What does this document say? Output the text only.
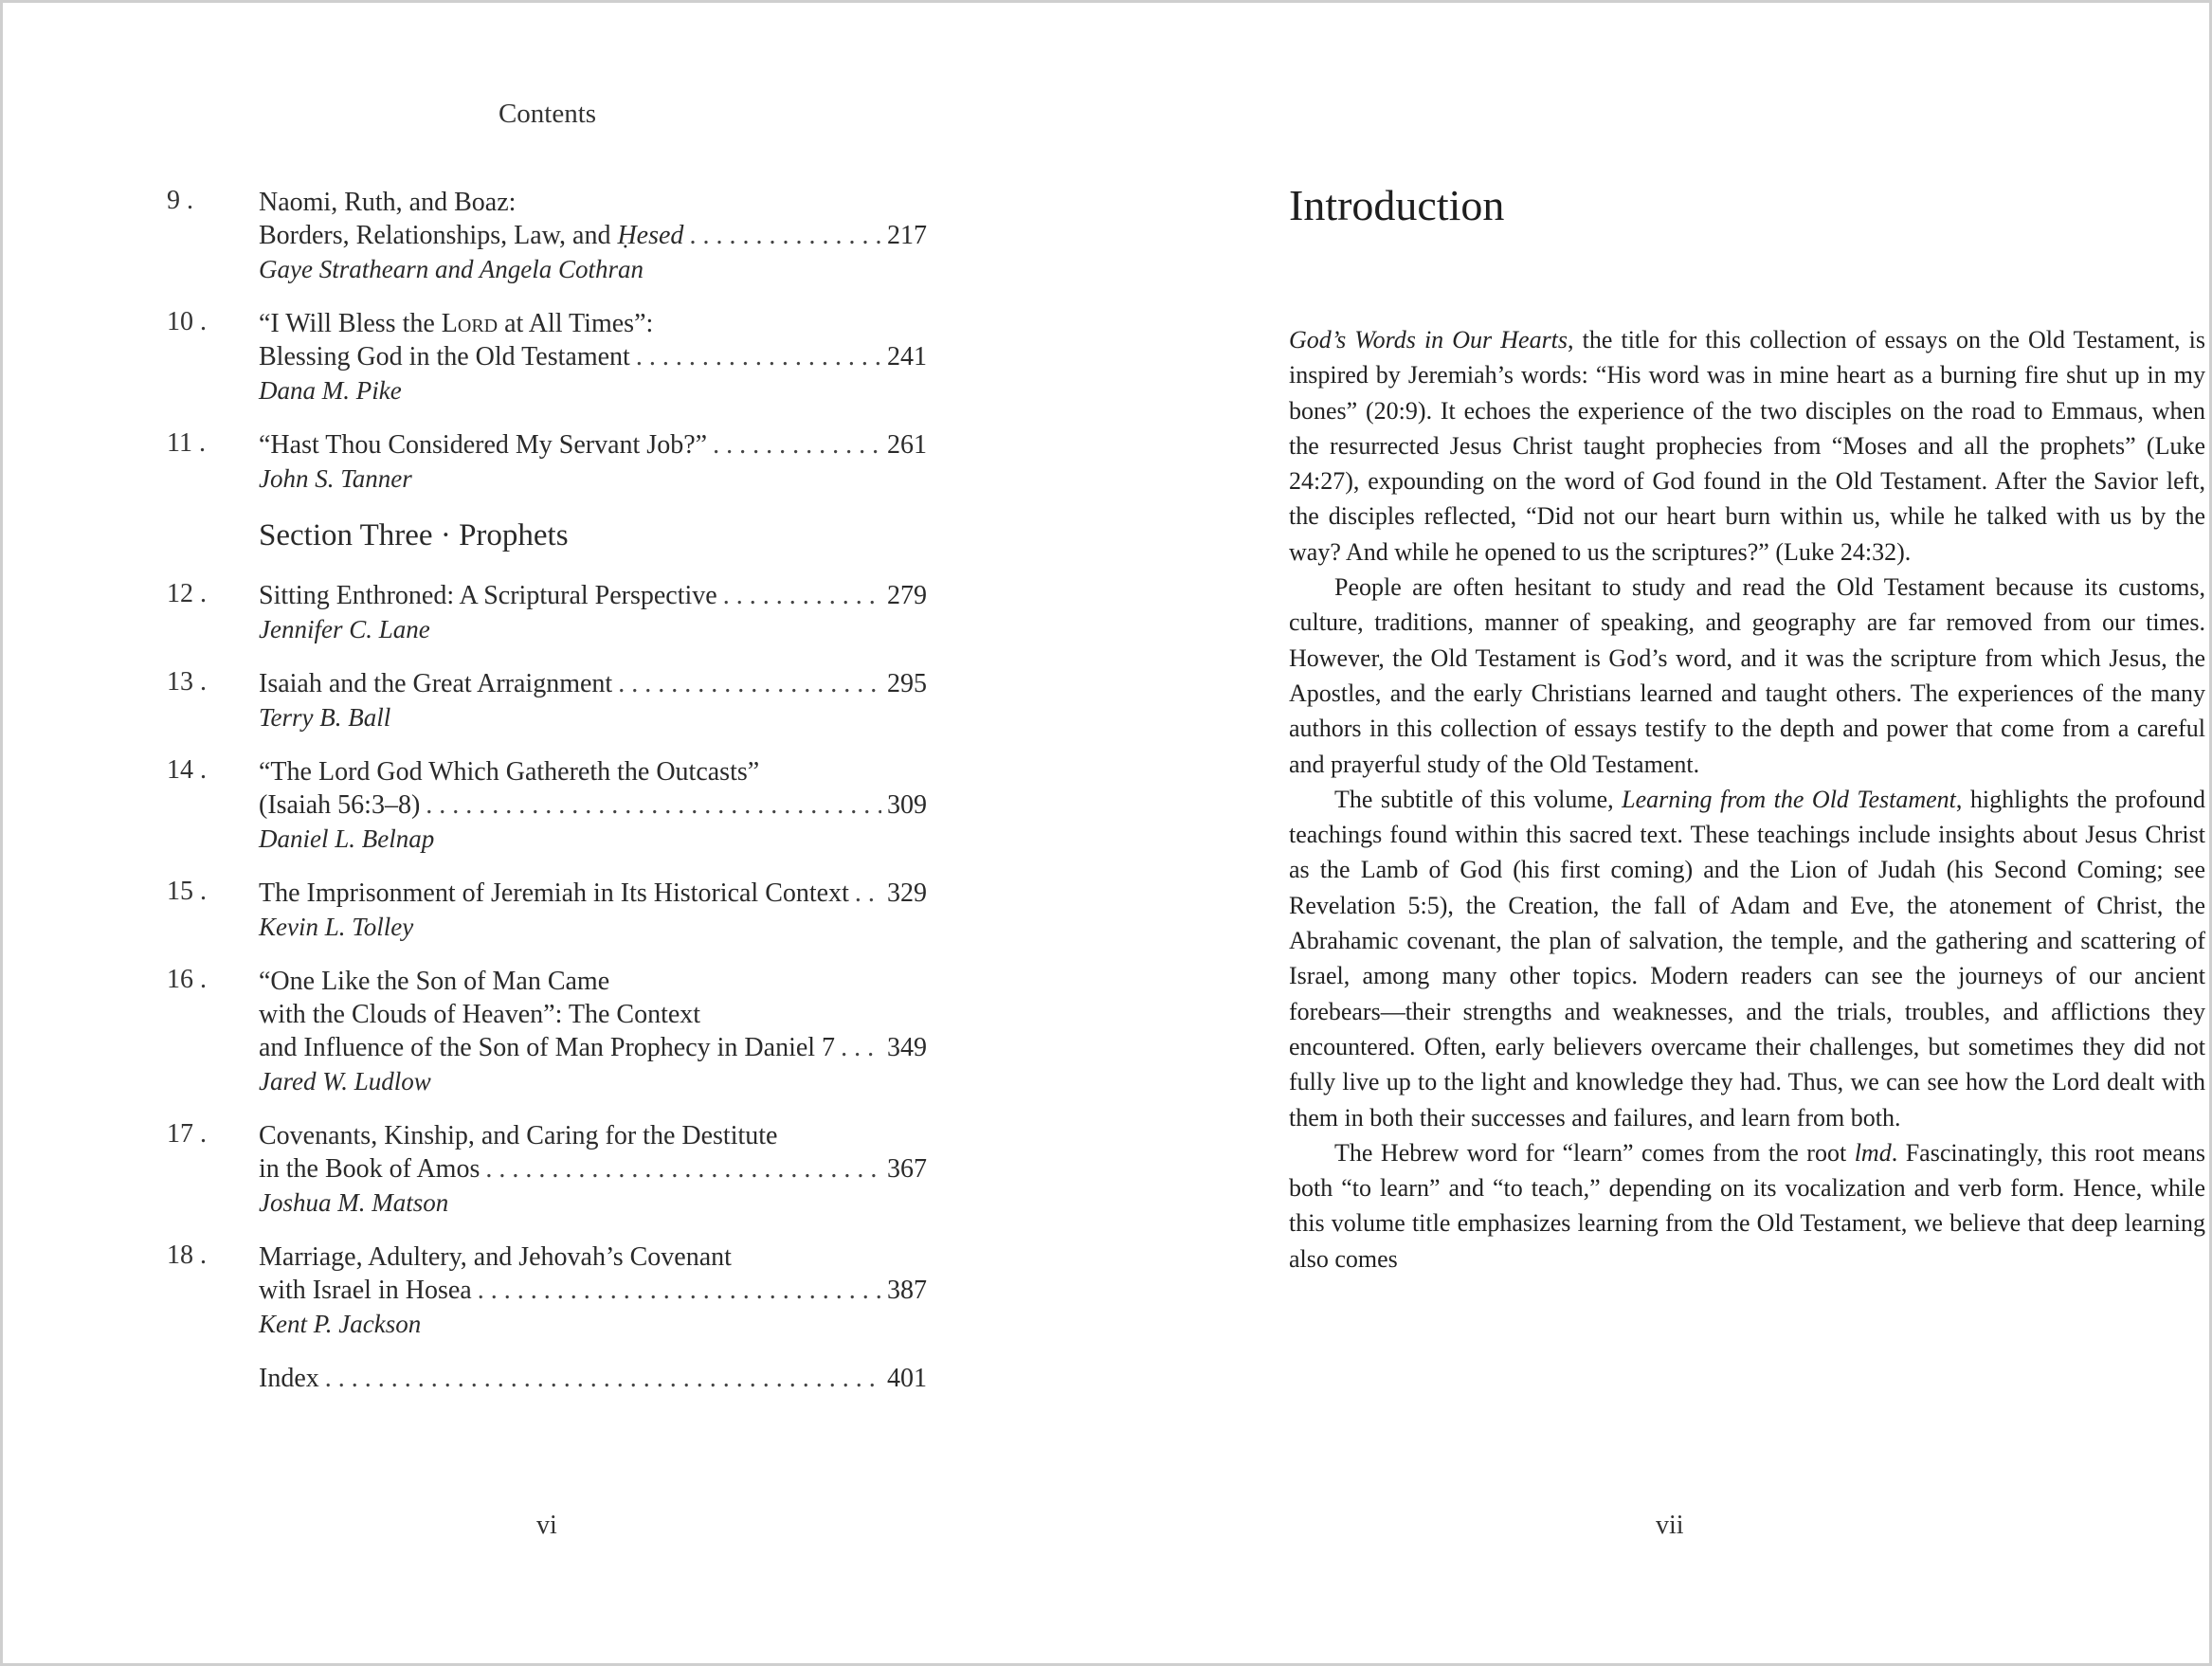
Contents
9 . Naomi, Ruth, and Boaz:
Borders, Relationships, Law, and Ḥesed . . .	217
Gaye Strathearn and Angela Cothran
10 . “I Will Bless the Lord at All Times”:
Blessing God in the Old Testament . . .	241
Dana M. Pike
11 . “Hast Thou Considered My Servant Job?” . . .	261
John S. Tanner
Section Three · Prophets
12 . Sitting Enthroned: A Scriptural Perspective . . .	279
Jennifer C. Lane
13 . Isaiah and the Great Arraignment . . .	295
Terry B. Ball
14 . “The Lord God Which Gathereth the Outcasts”
(Isaiah 56:3–8) . . .	309
Daniel L. Belnap
15 . The Imprisonment of Jeremiah in Its Historical Context . . . 329
Kevin L. Tolley
16 . “One Like the Son of Man Came
with the Clouds of Heaven”: The Context
and Influence of the Son of Man Prophecy in Daniel 7 . . . 349
Jared W. Ludlow
17 . Covenants, Kinship, and Caring for the Destitute
in the Book of Amos . . .	367
Joshua M. Matson
18 . Marriage, Adultery, and Jehovah’s Covenant
with Israel in Hosea . . .	387
Kent P. Jackson
Index . . .	401
vi
Introduction

God’s Words in Our Hearts, the title for this collection of essays on the Old Testament, is inspired by Jeremiah’s words: “His word was in mine heart as a burning fire shut up in my bones” (20:9). It echoes the experience of the two disciples on the road to Emmaus, when the resurrected Jesus Christ taught prophecies from “Moses and all the prophets” (Luke 24:27), expounding on the word of God found in the Old Testament. After the Savior left, the disciples reflected, “Did not our heart burn within us, while he talked with us by the way? And while he opened to us the scriptures?” (Luke 24:32).

People are often hesitant to study and read the Old Testament because its customs, culture, traditions, manner of speaking, and geography are far removed from our times. However, the Old Testament is God’s word, and it was the scripture from which Jesus, the Apostles, and the early Christians learned and taught others. The experiences of the many authors in this collection of essays testify to the depth and power that come from a careful and prayerful study of the Old Testament.

The subtitle of this volume, Learning from the Old Testament, highlights the profound teachings found within this sacred text. These teachings include insights about Jesus Christ as the Lamb of God (his first coming) and the Lion of Judah (his Second Coming; see Revelation 5:5), the Creation, the fall of Adam and Eve, the atonement of Christ, the Abrahamic covenant, the plan of salvation, the temple, and the gathering and scattering of Israel, among many other topics. Modern readers can see the journeys of our ancient forebears—their strengths and weaknesses, and the trials, troubles, and afflictions they encountered. Often, early believers overcame their challenges, but sometimes they did not fully live up to the light and knowledge they had. Thus, we can see how the Lord dealt with them in both their successes and failures, and learn from both.

The Hebrew word for “learn” comes from the root lmd. Fascinatingly, this root means both “to learn” and “to teach,” depending on its vocalization and verb form. Hence, while this volume title emphasizes learning from the Old Testament, we believe that deep learning also comes

vii
